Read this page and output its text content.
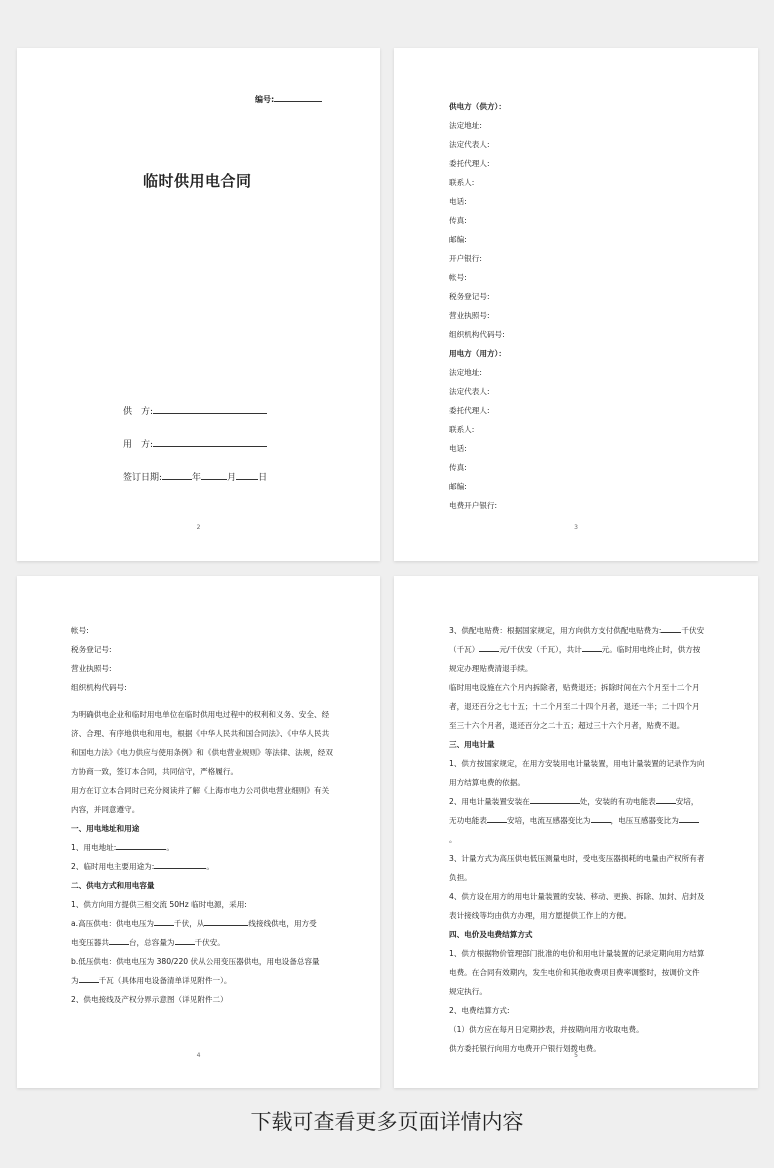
编号:
临时供用电合同
供　方:
用　方:
签订日期:	年	月 日
2
供电方（供方）：
法定地址:
法定代表人:
委托代理人:
联系人:
电话:
传真:
邮编:
开户银行:
帐号:
税务登记号:
营业执照号:
组织机构代码号:
用电方（用方）：
法定地址:
法定代表人:
委托代理人:
联系人:
电话:
传真:
邮编:
电费开户银行:
3

帐号:

税务登记号:

营业执照号:

组织机构代码号:

为明确供电企业和临时用电单位在临时供用电过程中的权利和义务、安全、经济、合理、有序地供电和用电，根据《中华人民共和国合同法》、《中华人民共和国电力法》《电力供应与使用条例》和《供电营业规则》等法律、法规，经双方协商一致，签订本合同，共同信守，严格履行。

用方在订立本合同时已充分阅读并了解《上海市电力公司供电营业细则》有关内容，并同意遵守。

一、用电地址和用途

1、用电地址:	。

2、临时用电主要用途为:	。

二、供电方式和用电容量

1、供方向用方提供三相交流 50Hz 临时电源，采用:

a.高压供电：供电电压为	千伏，从	线接线供电，用方受

电变压器共	台，总容量为	千伏安。

b.低压供电：供电电压为 380/220 伏从公用变压器供电，用电设备总容量

为	千瓦（具体用电设备清单详见附件一）。

2、供电接线及产权分界示意图（详见附件二）

4

3、供配电贴费：根据国家规定，用方向供方支付供配电贴费为:	千伏安（千瓦）	元/千伏安（千瓦），共计	元。临时用电终止时，供方按规定办理贴费清退手续。

临时用电设施在六个月内拆除者，贴费退还；拆除时间在六个月至十二个月者，退还百分之七十五；十二个月至二十四个月者，退还一半；二十四个月至三十六个月者，退还百分之二十五；超过三十六个月者，贴费不退。

三、用电计量

1、供方按国家规定，在用方安装用电计量装置，用电计量装置的记录作为向用方结算电费的依据。

2、用电计量装置安装在	处，安装的有功电能表	安培，无功电能表	安培，电流互感器变比为	，电压互感器变比为。

3、计量方式为高压供电低压测量电时，受电变压器损耗的电量由产权所有者负担。

4、供方设在用方的用电计量装置的安装、移动、更换、拆除、加封、启封及表计接线等均由供方办理，用方愿提供工作上的方便。

四、电价及电费结算方式

1、供方根据物价管理部门批准的电价和用电计量装置的记录定期向用方结算电费。在合同有效期内，发生电价和其他收费项目费率调整时，按调价文件规定执行。

2、电费结算方式:

（1）供方应在每月日定期抄表，并按期向用方收取电费。

供方委托银行向用方电费开户银行划拨电费。

5
下载可查看更多页面详情内容
